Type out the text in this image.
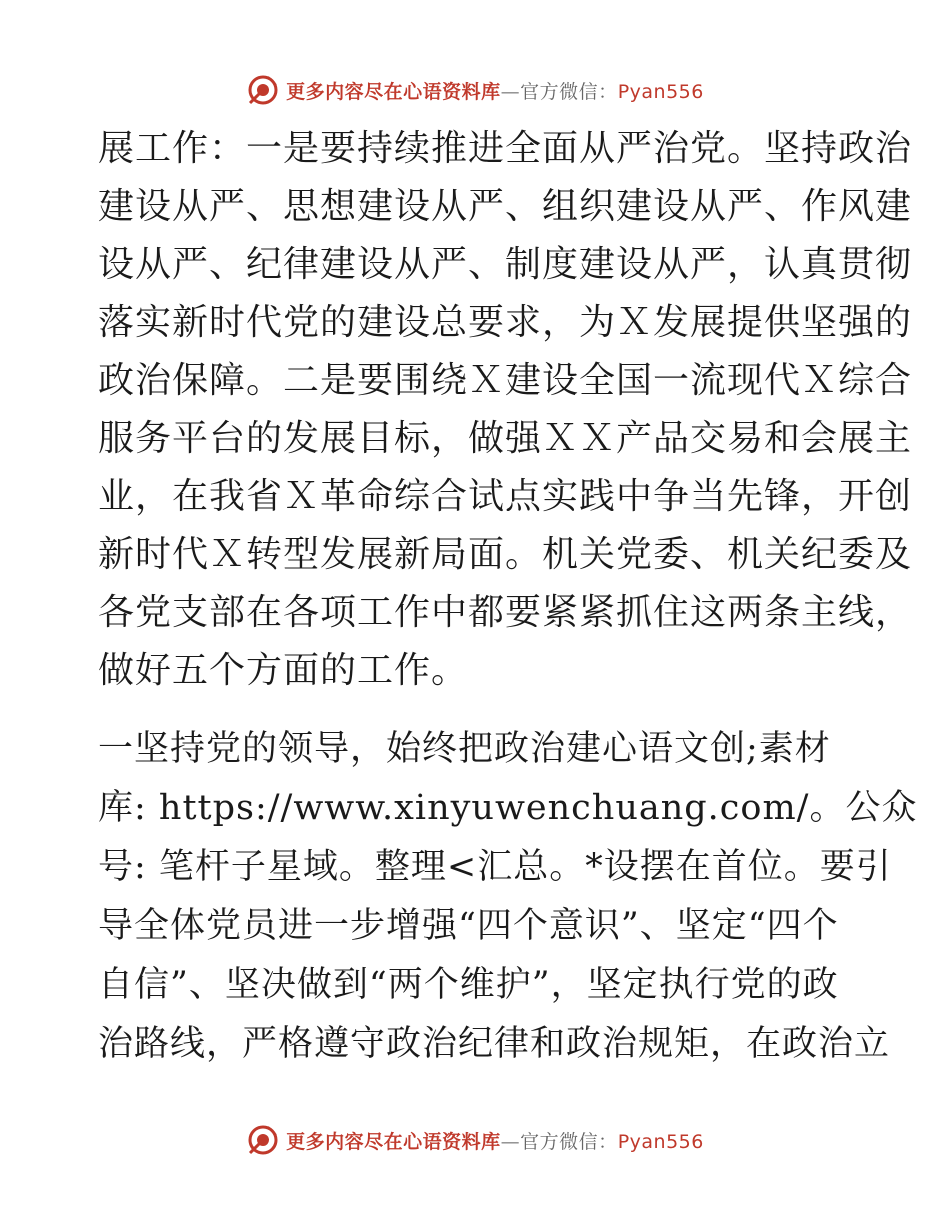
更多内容尽在心语资料库—官方微信：Pyan556
展工作：一是要持续推进全面从严治党。坚持政治
建设从严、思想建设从严、组织建设从严、作风建
设从严、纪律建设从严、制度建设从严，认真贯彻
落实新时代党的建设总要求，为Ｘ发展提供坚强的
政治保障。二是要围绕Ｘ建设全国一流现代Ｘ综合
服务平台的发展目标，做强ＸＸ产品交易和会展主
业，在我省Ｘ革命综合试点实践中争当先锋，开创
新时代Ｘ转型发展新局面。机关党委、机关纪委及
各党支部在各项工作中都要紧紧抓住这两条主线，
做好五个方面的工作。
一坚持党的领导，始终把政治建心语文创;素材
库: https://www.xinyuwenchuang.com/。公众
号: 笔杆子星域。整理<汇总。*设摆在首位。要引
导全体党员进一步增强“四个意识”、坚定“四个
自信”、坚决做到“两个维护”，坚定执行党的政
治路线，严格遵守政治纪律和政治规矩，在政治立
更多内容尽在心语资料库—官方微信：Pyan556
